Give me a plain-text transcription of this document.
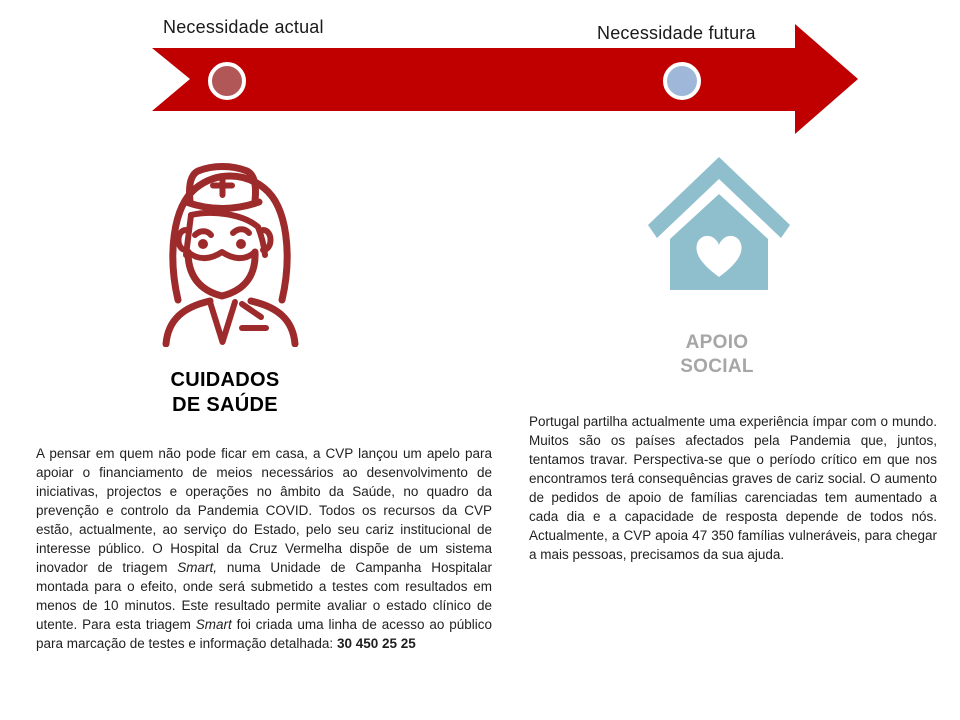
Necessidade actual	Necessidade futura
CUIDADOS
DE SAÚDE
APOIO
SOCIAL

A pensar em quem não pode ficar em casa, a CVP lançou um apelo para apoiar o financiamento de meios necessários ao desenvolvimento de iniciativas, projectos e operações no âmbito da Saúde, no quadro da prevenção e controlo da Pandemia COVID. Todos os recursos da CVP estão, actualmente, ao serviço do Estado, pelo seu cariz institucional de interesse público. O Hospital da Cruz Vermelha dispõe de um sistema inovador de triagem Smart, numa Unidade de Campanha Hospitalar montada para o efeito, onde será submetido a testes com resultados em menos de 10 minutos. Este resultado permite avaliar o estado clínico de utente. Para esta triagem Smart foi criada uma linha de acesso ao público para marcação de testes e informação detalhada: 30 450 25 25

Portugal partilha actualmente uma experiência ímpar com o mundo. Muitos são os países afectados pela Pandemia que, juntos, tentamos travar. Perspectiva-se que o período crítico em que nos encontramos terá consequências graves de cariz social. O aumento de pedidos de apoio de famílias carenciadas tem aumentado a cada dia e a capacidade de resposta depende de todos nós. Actualmente, a CVP apoia 47 350 famílias vulneráveis, para chegar a mais pessoas, precisamos da sua ajuda.
